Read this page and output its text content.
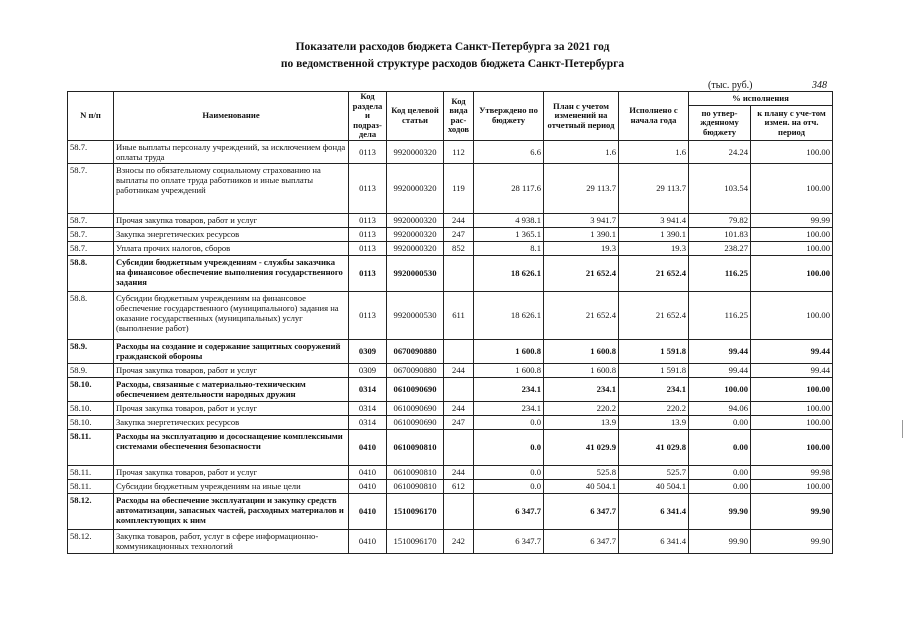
Показатели расходов бюджета Санкт-Петербурга за 2021 год
по ведомственной структуре расходов бюджета Санкт-Петербурга
(тыс. руб.)	348
N п/п	Наименование	Код раздела и подраз-дела	Код целевой статьи	Код вида рас-ходов	Утверждено по бюджету	План с учетом изменений на отчетный период	Исполнено с начала года	% исполнения	
								по утвер-жденному бюджету	к плану с уче-том измен. на отч. период
58.7.	Иные выплаты персоналу учреждений, за исключением фонда оплаты труда	0113	9920000320	112	6.6	1.6	1.6	24.24	100.00
58.7.	Взносы по обязательному социальному страхованию на выплаты по оплате труда работников и иные выплаты работникам учреждений	0113	9920000320	119	28 117.6	29 113.7	29 113.7	103.54	100.00
58.7.	Прочая закупка товаров, работ и услуг	0113	9920000320	244	4 938.1	3 941.7	3 941.4	79.82	99.99
58.7.	Закупка энергетических ресурсов	0113	9920000320	247	1 365.1	1 390.1	1 390.1	101.83	100.00
58.7.	Уплата прочих налогов, сборов	0113	9920000320	852	8.1	19.3	19.3	238.27	100.00
58.8.	Субсидии бюджетным учреждениям - службы заказчика на финансовое обеспечение выполнения государственного задания	0113	9920000530		18 626.1	21 652.4	21 652.4	116.25	100.00
58.8.	Субсидии бюджетным учреждениям на финансовое обеспечение государственного (муниципального) задания на оказание государственных (муниципальных) услуг (выполнение работ)	0113	9920000530	611	18 626.1	21 652.4	21 652.4	116.25	100.00
58.9.	Расходы на создание и содержание защитных сооружений гражданской обороны	0309	0670090880		1 600.8	1 600.8	1 591.8	99.44	99.44
58.9.	Прочая закупка товаров, работ и услуг	0309	0670090880	244	1 600.8	1 600.8	1 591.8	99.44	99.44
58.10.	Расходы, связанные с материально-техническим обеспечением деятельности народных дружин	0314	0610090690		234.1	234.1	234.1	100.00	100.00
58.10.	Прочая закупка товаров, работ и услуг	0314	0610090690	244	234.1	220.2	220.2	94.06	100.00
58.10.	Закупка энергетических ресурсов	0314	0610090690	247	0.0	13.9	13.9	0.00	100.00
58.11.	Расходы на эксплуатацию и дососнащение комплексными системами обеспечения безопасности	0410	0610090810		0.0	41 029.9	41 029.8	0.00	100.00
58.11.	Прочая закупка товаров, работ и услуг	0410	0610090810	244	0.0	525.8	525.7	0.00	99.98
58.11.	Субсидии бюджетным учреждениям на иные цели	0410	0610090810	612	0.0	40 504.1	40 504.1	0.00	100.00
58.12.	Расходы на обеспечение эксплуатации и закупку средств автоматизации, запасных частей, расходных материалов и комплектующих к ним	0410	1510096170		6 347.7	6 347.7	6 341.4	99.90	99.90
58.12.	Закупка товаров, работ, услуг в сфере информационно-коммуникационных технологий	0410	1510096170	242	6 347.7	6 347.7	6 341.4	99.90	99.90
